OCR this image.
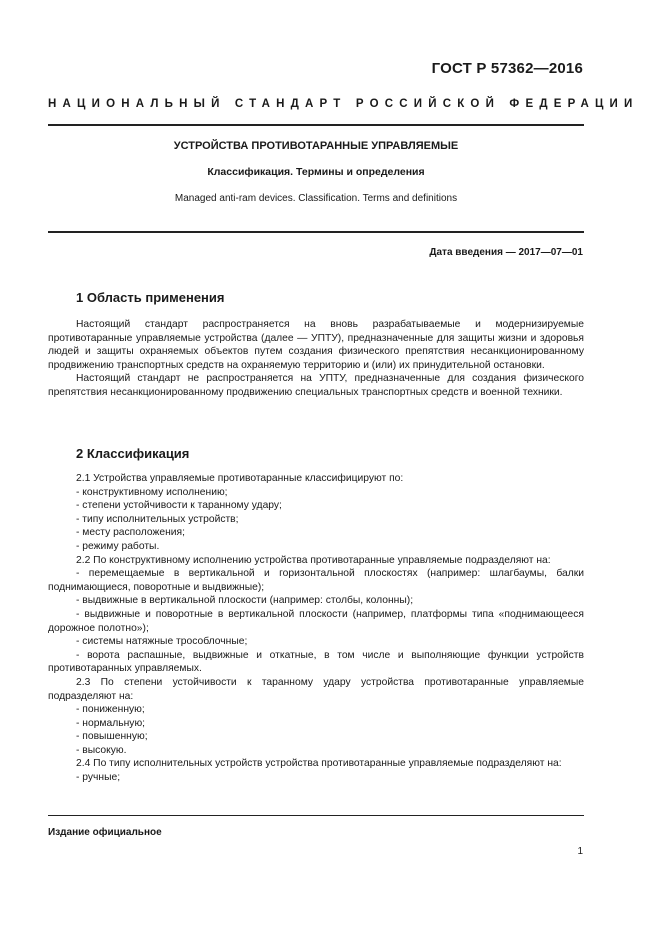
ГОСТ Р 57362—2016
НАЦИОНАЛЬНЫЙ СТАНДАРТ РОССИЙСКОЙ ФЕДЕРАЦИИ
УСТРОЙСТВА ПРОТИВОТАРАННЫЕ УПРАВЛЯЕМЫЕ
Классификация. Термины и определения
Managed anti-ram devices. Classification. Terms and definitions
Дата введения — 2017—07—01
1 Область применения

Настоящий стандарт распространяется на вновь разрабатываемые и модернизируемые противотаранные управляемые устройства (далее — УПТУ), предназначенные для защиты жизни и здоровья людей и защиты охраняемых объектов путем создания физического препятствия несанкционированному продвижению транспортных средств на охраняемую территорию и (или) их принудительной остановки.

Настоящий стандарт не распространяется на УПТУ, предназначенные для создания физического препятствия несанкционированному продвижению специальных транспортных средств и военной техники.

2 Классификация

2.1 Устройства управляемые противотаранные классифицируют по:

- конструктивному исполнению;

- степени устойчивости к таранному удару;

- типу исполнительных устройств;

- месту расположения;

- режиму работы.

2.2 По конструктивному исполнению устройства противотаранные управляемые подразделяют на:

- перемещаемые в вертикальной и горизонтальной плоскостях (например: шлагбаумы, балки поднимающиеся, поворотные и выдвижные);

- выдвижные в вертикальной плоскости (например: столбы, колонны);

- выдвижные и поворотные в вертикальной плоскости (например, платформы типа «поднимающееся дорожное полотно»);

- системы натяжные трособлочные;

- ворота распашные, выдвижные и откатные, в том числе и выполняющие функции устройств противотаранных управляемых.

2.3 По степени устойчивости к таранному удару устройства противотаранные управляемые подразделяют на:

- пониженную;

- нормальную;

- повышенную;

- высокую.

2.4 По типу исполнительных устройств устройства противотаранные управляемые подразделяют на:

- ручные;

Издание официальное
1
